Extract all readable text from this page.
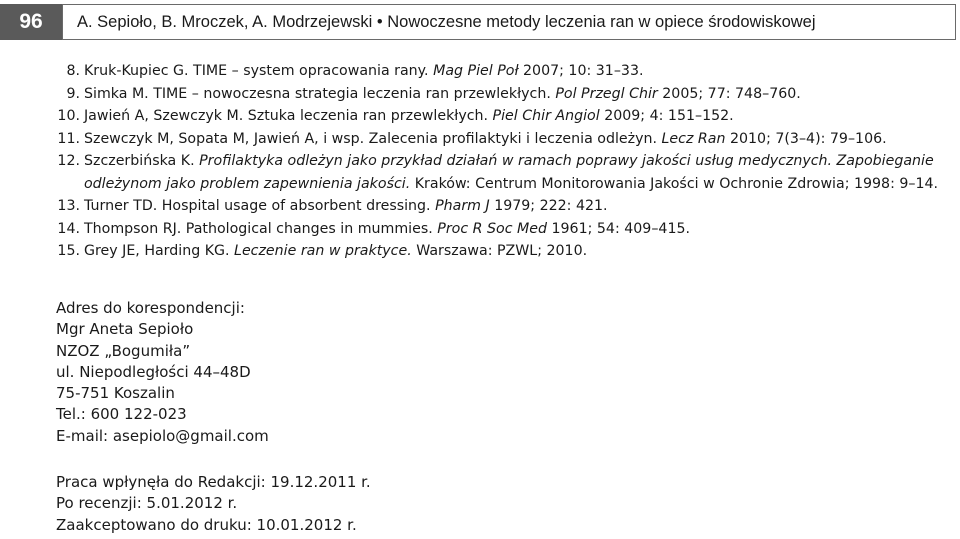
96	A. Sepioło, B. Mroczek, A. Modrzejewski • Nowoczesne metody leczenia ran w opiece środowiskowej
8. Kruk-Kupiec G. TIME – system opracowania rany. Mag Piel Poł 2007; 10: 31–33.
9. Simka M. TIME – nowoczesna strategia leczenia ran przewlekłych. Pol Przegl Chir 2005; 77: 748–760.
10. Jawień A, Szewczyk M. Sztuka leczenia ran przewlekłych. Piel Chir Angiol 2009; 4: 151–152.
11. Szewczyk M, Sopata M, Jawień A, i wsp. Zalecenia profilaktyki i leczenia odleżyn. Lecz Ran 2010; 7(3–4): 79–106.
12. Szczerbińska K. Profilaktyka odleżyn jako przykład działań w ramach poprawy jakości usług medycznych. Zapobieganie odleżynom jako problem zapewnienia jakości. Kraków: Centrum Monitorowania Jakości w Ochronie Zdrowia; 1998: 9–14.
13. Turner TD. Hospital usage of absorbent dressing. Pharm J 1979; 222: 421.
14. Thompson RJ. Pathological changes in mummies. Proc R Soc Med 1961; 54: 409–415.
15. Grey JE, Harding KG. Leczenie ran w praktyce. Warszawa: PZWL; 2010.
Adres do korespondencji:
Mgr Aneta Sepioło
NZOZ „Bogumiła”
ul. Niepodległości 44–48D
75-751 Koszalin
Tel.: 600 122-023
E-mail: asepiolo@gmail.com
Praca wpłynęła do Redakcji: 19.12.2011 r.
Po recenzji: 5.01.2012 r.
Zaakceptowano do druku: 10.01.2012 r.
